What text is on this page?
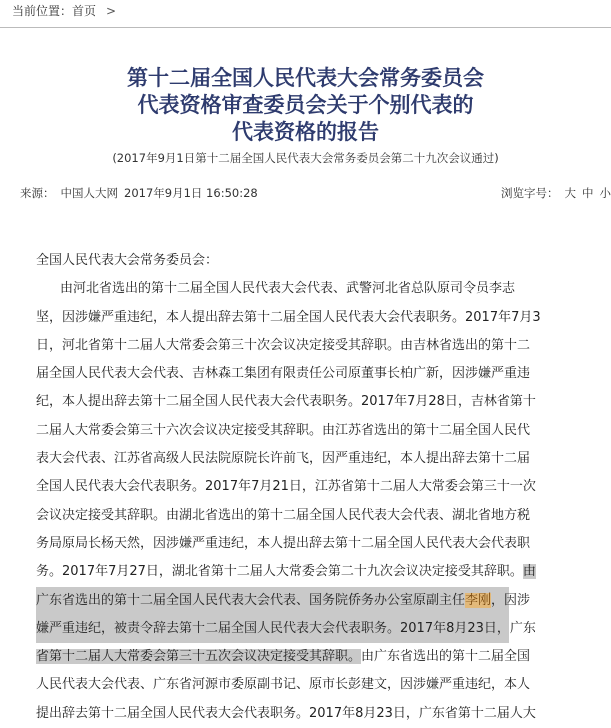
当前位置：首页 >
第十二届全国人民代表大会常务委员会
代表资格审查委员会关于个别代表的
代表资格的报告
(2017年9月1日第十二届全国人民代表大会常务委员会第二十九次会议通过)
来源： 中国人大网 2017年9月1日 16:50:28	浏览字号： 大 中 小
全国人民代表大会常务委员会：
由河北省选出的第十二届全国人民代表大会代表、武警河北省总队原司令员李志
坚，因涉嫌严重违纪，本人提出辞去第十二届全国人民代表大会代表职务。2017年7月3
日，河北省第十二届人大常委会第三十次会议决定接受其辞职。由吉林省选出的第十二
届全国人民代表大会代表、吉林森工集团有限责任公司原董事长柏广新，因涉嫌严重违
纪，本人提出辞去第十二届全国人民代表大会代表职务。2017年7月28日，吉林省第十
二届人大常委会第三十六次会议决定接受其辞职。由江苏省选出的第十二届全国人民代
表大会代表、江苏省高级人民法院原院长许前飞，因严重违纪，本人提出辞去第十二届
全国人民代表大会代表职务。2017年7月21日，江苏省第十二届人大常委会第三十一次
会议决定接受其辞职。由湖北省选出的第十二届全国人民代表大会代表、湖北省地方税
务局原局长杨天然，因涉嫌严重违纪，本人提出辞去第十二届全国人民代表大会代表职
务。2017年7月27日，湖北省第十二届人大常委会第二十九次会议决定接受其辞职。由
广东省选出的第十二届全国人民代表大会代表、国务院侨务办公室原副主任李刚，因涉
嫌严重违纪，被责令辞去第十二届全国人民代表大会代表职务。2017年8月23日，广东
省第十二届人大常委会第三十五次会议决定接受其辞职。由广东省选出的第十二届全国
人民代表大会代表、广东省河源市委原副书记、原市长彭建文，因涉嫌严重违纪，本人
提出辞去第十二届全国人民代表大会代表职务。2017年8月23日，广东省第十二届人大
